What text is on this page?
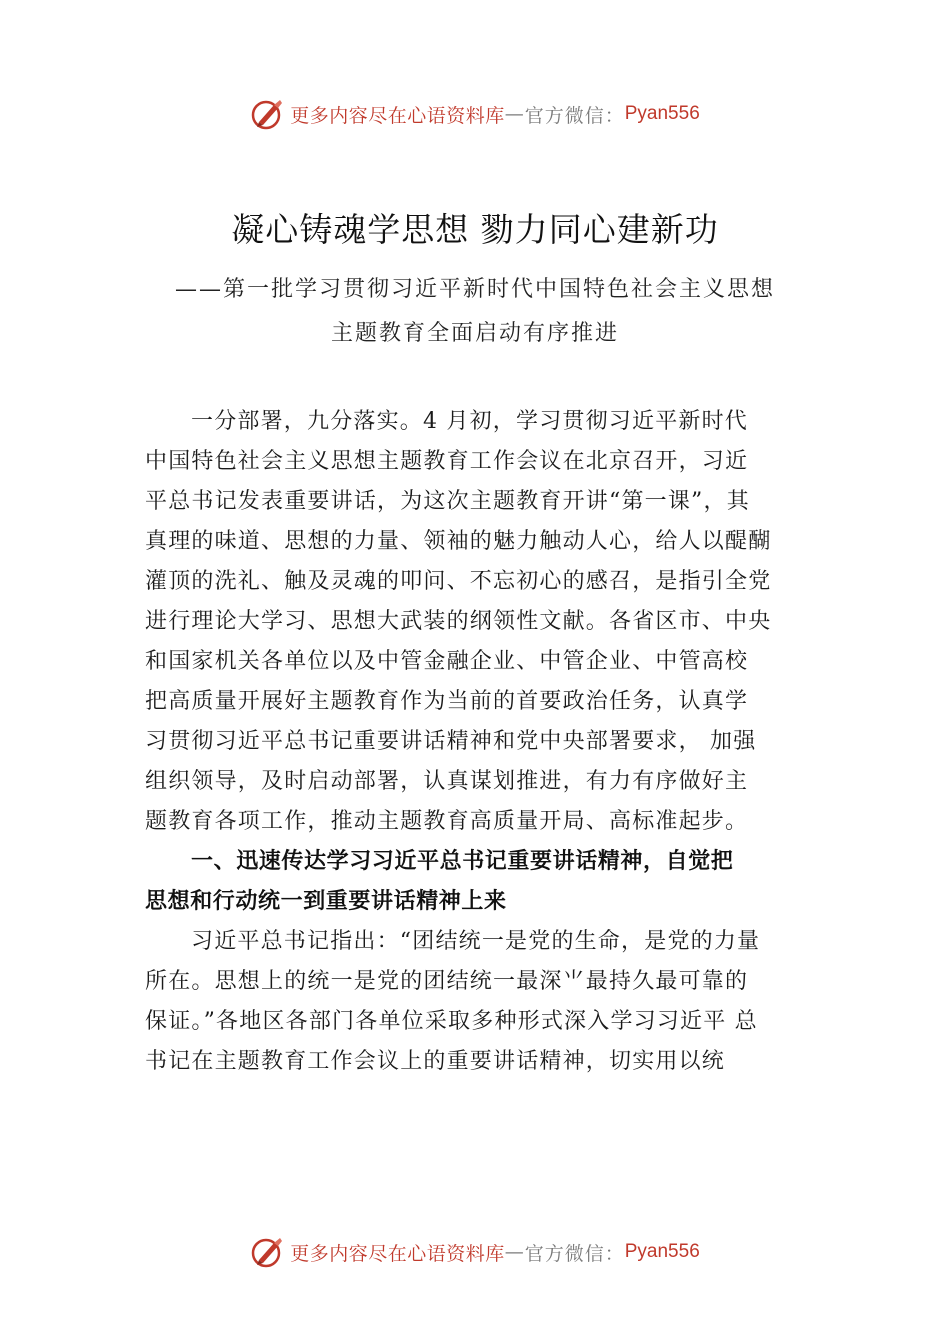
更多内容尽在心语资料库 — 官方微信： Pyan556
凝心铸魂学思想 勠力同心建新功
——第一批学习贯彻习近平新时代中国特色社会主义思想
主题教育全面启动有序推进
一分部署，九分落实。4 月初，学习贯彻习近平新时代
中国特色社会主义思想主题教育工作会议在北京召开，习近
平总书记发表重要讲话，为这次主题教育开讲“第一课”，其
真理的味道、思想的力量、领袖的魅力触动人心，给人以醍醐
灌顶的洗礼、触及灵魂的叩问、不忘初心的感召，是指引全党
进行理论大学习、思想大武装的纲领性文献。各省区市、中央
和国家机关各单位以及中管金融企业、中管企业、中管高校
把高质量开展好主题教育作为当前的首要政治任务，认真学
习贯彻习近平总书记重要讲话精神和党中央部署要求， 加强
组织领导，及时启动部署，认真谋划推进，有力有序做好主
题教育各项工作，推动主题教育高质量开局、高标准起步。
一、迅速传达学习习近平总书记重要讲话精神，自觉把
思想和行动统一到重要讲话精神上来
习近平总书记指出：“团结统一是党的生命，是党的力量
所在。思想上的统一是党的团结统一最深⺌最持久最可靠的
保证。”各地区各部门各单位采取多种形式深入学习习近平 总
书记在主题教育工作会议上的重要讲话精神，切实用以统
更多内容尽在心语资料库 — 官方微信： Pyan556
